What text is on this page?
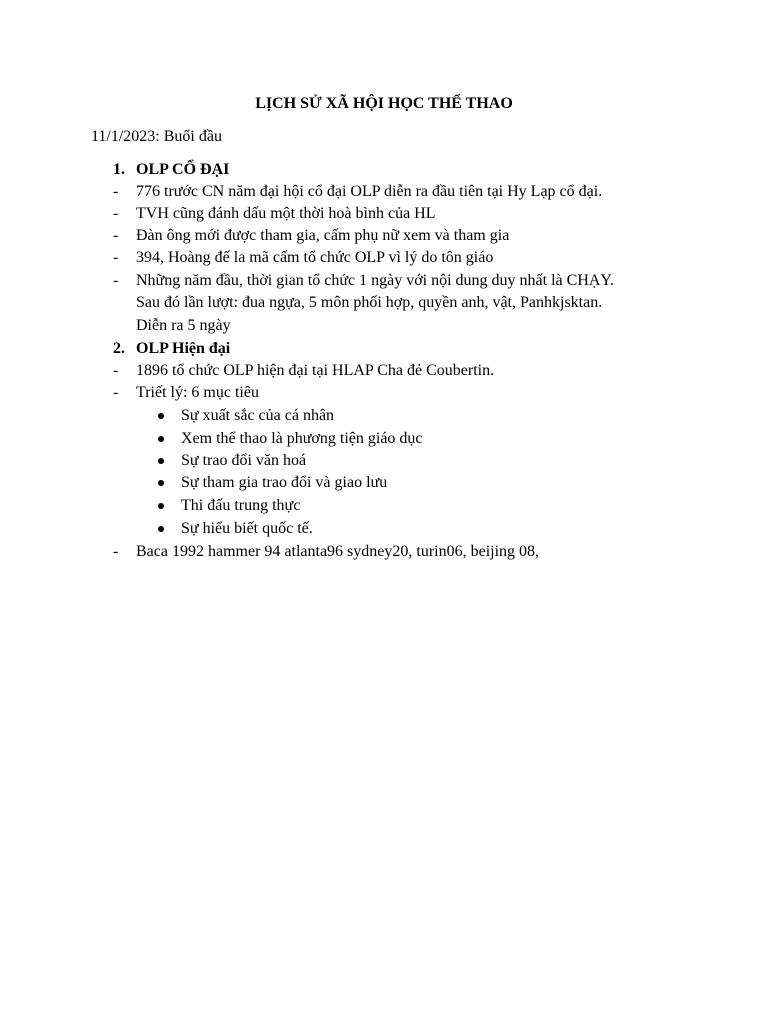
LỊCH SỬ XÃ HỘI HỌC THỂ THAO
11/1/2023: Buổi đầu
1. OLP CỔ ĐẠI
- 776 trước CN năm đại hội cổ đại OLP diễn ra đầu tiên tại Hy Lạp cổ đại.
- TVH cũng đánh dấu một thời hoà bình của HL
- Đàn ông mới được tham gia, cấm phụ nữ xem và tham gia
- 394, Hoàng đế la mã cấm tổ chức OLP vì lý do tôn giáo
- Những năm đầu, thời gian tổ chức 1 ngày với nội dung duy nhất là CHẠY.
Sau đó lần lượt: đua ngựa, 5 môn phối hợp, quyền anh, vật, Panhkjsktan.
Diễn ra 5 ngày
2. OLP Hiện đại
- 1896 tổ chức OLP hiện đại tại HLAP Cha đẻ Coubertin.
- Triết lý: 6 mục tiêu
Sự xuất sắc của cá nhân
Xem thể thao là phương tiện giáo dục
Sự trao đổi văn hoá
Sự tham gia trao đổi và giao lưu
Thi đấu trung thực
Sự hiểu biết quốc tế.
- Baca 1992 hammer 94 atlanta96 sydney20, turin06, beijing 08,
